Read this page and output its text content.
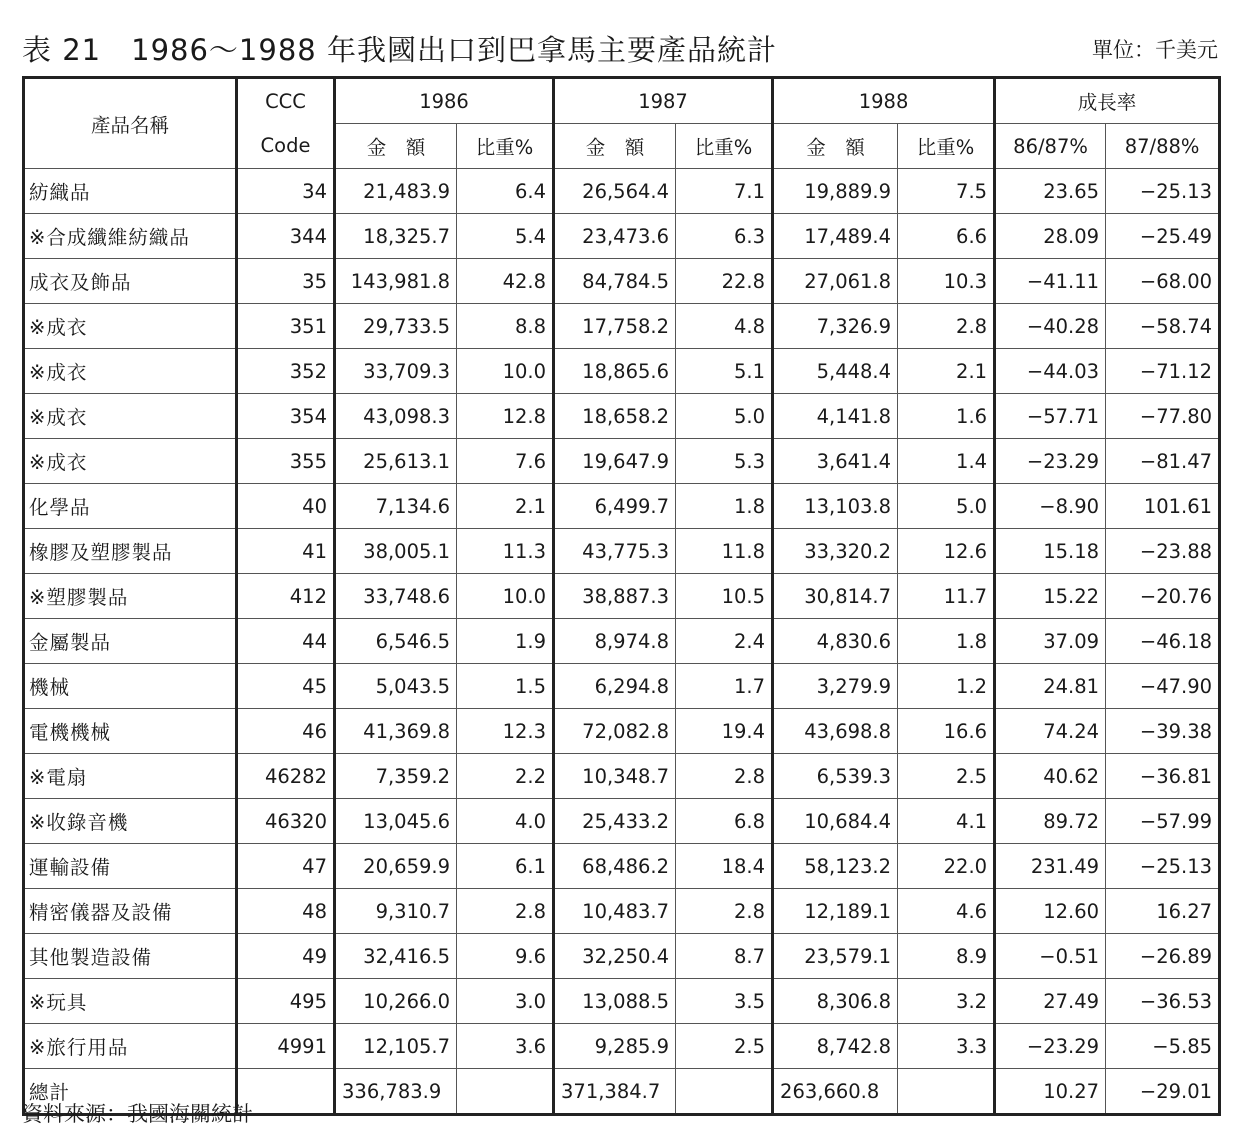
表 21　1986～1988 年我國出口到巴拿馬主要產品統計	單位：千美元
產品名稱	CCC	1986		1987		1988		成長率	
	Code	金　額	比重%	金　額	比重%	金　額	比重%	86/87%	87/88%
紡織品	34	21,483.9	6.4	26,564.4	7.1	19,889.9	7.5	23.65	−25.13
※合成纖維紡織品	344	18,325.7	5.4	23,473.6	6.3	17,489.4	6.6	28.09	−25.49
成衣及飾品	35	143,981.8	42.8	84,784.5	22.8	27,061.8	10.3	−41.11	−68.00
※成衣	351	29,733.5	8.8	17,758.2	4.8	7,326.9	2.8	−40.28	−58.74
※成衣	352	33,709.3	10.0	18,865.6	5.1	5,448.4	2.1	−44.03	−71.12
※成衣	354	43,098.3	12.8	18,658.2	5.0	4,141.8	1.6	−57.71	−77.80
※成衣	355	25,613.1	7.6	19,647.9	5.3	3,641.4	1.4	−23.29	−81.47
化學品	40	7,134.6	2.1	6,499.7	1.8	13,103.8	5.0	−8.90	101.61
橡膠及塑膠製品	41	38,005.1	11.3	43,775.3	11.8	33,320.2	12.6	15.18	−23.88
※塑膠製品	412	33,748.6	10.0	38,887.3	10.5	30,814.7	11.7	15.22	−20.76
金屬製品	44	6,546.5	1.9	8,974.8	2.4	4,830.6	1.8	37.09	−46.18
機械	45	5,043.5	1.5	6,294.8	1.7	3,279.9	1.2	24.81	−47.90
電機機械	46	41,369.8	12.3	72,082.8	19.4	43,698.8	16.6	74.24	−39.38
※電扇	46282	7,359.2	2.2	10,348.7	2.8	6,539.3	2.5	40.62	−36.81
※收錄音機	46320	13,045.6	4.0	25,433.2	6.8	10,684.4	4.1	89.72	−57.99
運輸設備	47	20,659.9	6.1	68,486.2	18.4	58,123.2	22.0	231.49	−25.13
精密儀器及設備	48	9,310.7	2.8	10,483.7	2.8	12,189.1	4.6	12.60	16.27
其他製造設備	49	32,416.5	9.6	32,250.4	8.7	23,579.1	8.9	−0.51	−26.89
※玩具	495	10,266.0	3.0	13,088.5	3.5	8,306.8	3.2	27.49	−36.53
※旅行用品	4991	12,105.7	3.6	9,285.9	2.5	8,742.8	3.3	−23.29	−5.85
總計		336,783.9		371,384.7		263,660.8		10.27	−29.01
資料來源：我國海關統計
